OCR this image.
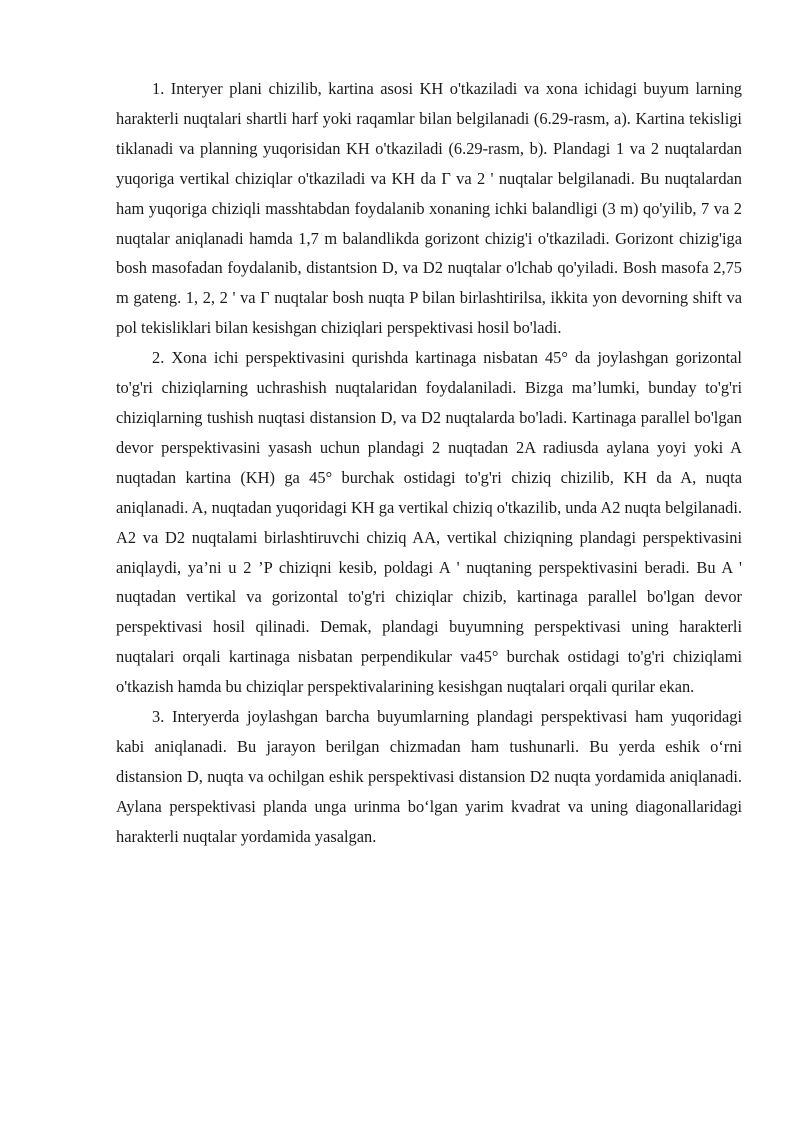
1. Interyer plani chizilib, kartina asosi KH o'tkaziladi va xona ichidagi buyum larning harakterli nuqtalari shartli harf yoki raqamlar bilan belgilanadi (6.29-rasm, a). Kartina tekisligi tiklanadi va planning yuqorisidan KH o'tkaziladi (6.29-rasm, b). Plandagi 1 va 2 nuqtalardan yuqoriga vertikal chiziqlar o'tkaziladi va KH da Γ va 2 ' nuqtalar belgilanadi. Bu nuqtalardan ham yuqoriga chiziqli masshtabdan foydalanib xonaning ichki balandligi (3 m) qo'yilib, 7 va 2 nuqtalar aniqlanadi hamda 1,7 m balandlikda gorizont chizig'i o'tkaziladi. Gorizont chizig'iga bosh masofadan foydalanib, distantsion D, va D2 nuqtalar o'lchab qo'yiladi. Bosh masofa 2,75 m gateng. 1, 2, 2 ' va Γ nuqtalar bosh nuqta P bilan birlashtirilsa, ikkita yon devorning shift va pol tekisliklari bilan kesishgan chiziqlari perspektivasi hosil bo'ladi.

2. Xona ichi perspektivasini qurishda kartinaga nisbatan 45° da joylashgan gorizontal to'g'ri chiziqlarning uchrashish nuqtalaridan foydalaniladi. Bizga ma’lumki, bunday to'g'ri chiziqlarning tushish nuqtasi distansion D, va D2 nuqtalarda bo'ladi. Kartinaga parallel bo'lgan devor perspektivasini yasash uchun plandagi 2 nuqtadan 2A radiusda aylana yoyi yoki A nuqtadan kartina (KH) ga 45° burchak ostidagi to'g'ri chiziq chizilib, KH da A, nuqta aniqlanadi. A, nuqtadan yuqoridagi KH ga vertikal chiziq o'tkazilib, unda A2 nuqta belgilanadi. A2 va D2 nuqtalami birlashtiruvchi chiziq AA, vertikal chiziqning plandagi perspektivasini aniqlaydi, ya’ni u 2 ’P chiziqni kesib, poldagi A ' nuqtaning perspektivasini beradi. Bu A ' nuqtadan vertikal va gorizontal to'g'ri chiziqlar chizib, kartinaga parallel bo'lgan devor perspektivasi hosil qilinadi. Demak, plandagi buyumning perspektivasi uning harakterli nuqtalari orqali kartinaga nisbatan perpendikular va45° burchak ostidagi to'g'ri chiziqlami o'tkazish hamda bu chiziqlar perspektivalarining kesishgan nuqtalari orqali qurilar ekan.

3. Interyerda joylashgan barcha buyumlarning plandagi perspektivasi ham yuqoridagi kabi aniqlanadi. Bu jarayon berilgan chizmadan ham tushunarli. Bu yerda eshik o‘rni distansion D, nuqta va ochilgan eshik perspektivasi distansion D2 nuqta yordamida aniqlanadi. Aylana perspektivasi planda unga urinma bo‘lgan yarim kvadrat va uning diagonallaridagi harakterli nuqtalar yordamida yasalgan.
